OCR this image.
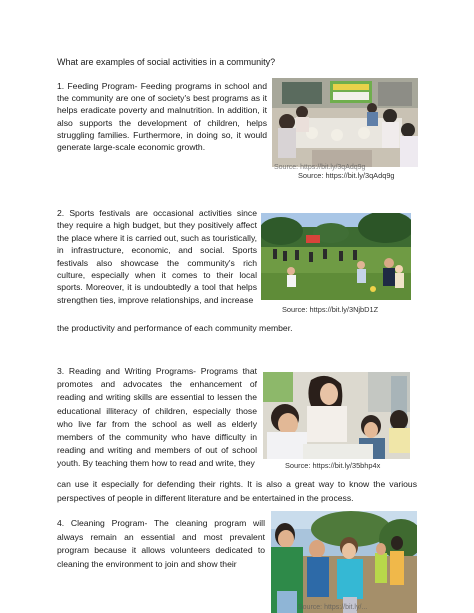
What are examples of social activities in a community?
1. Feeding Program- Feeding programs in school and the community are one of society's best programs as it helps eradicate poverty and malnutrition. In addition, it also supports the development of children, helps struggling families. Furthermore, in doing so, it would generate large-scale economic growth.
Source: https://bit.ly/3qAdq9g
Source: https://bit.ly/3qAdq9g
2. Sports festivals are occasional activities since they require a high budget, but they positively affect the place where it is carried out, such as touristically, in infrastructure, economic, and social. Sports festivals also showcase the community's rich culture, especially when it comes to their local sports. Moreover, it is undoubtedly a tool that helps strengthen ties, improve relationships, and increase
the productivity and performance of each community member.
Source: https://bit.ly/3NjbD1Z
3. Reading and Writing Programs- Programs that promotes and advocates the enhancement of reading and writing skills are essential to lessen the educational illiteracy of children, especially those who live far from the school as well as elderly members of the community who have difficulty in reading and writing and members of out of school youth. By teaching them how to read and write, they
can use it especially for defending their rights. It is also a great way to know the various perspectives of people in different literature and be entertained in the process.
Source: https://bit.ly/35bhp4x
4. Cleaning Program- The cleaning program will always remain an essential and most prevalent program because it allows volunteers dedicated to cleaning the environment to join and show their
Source: https://bit.ly/...
